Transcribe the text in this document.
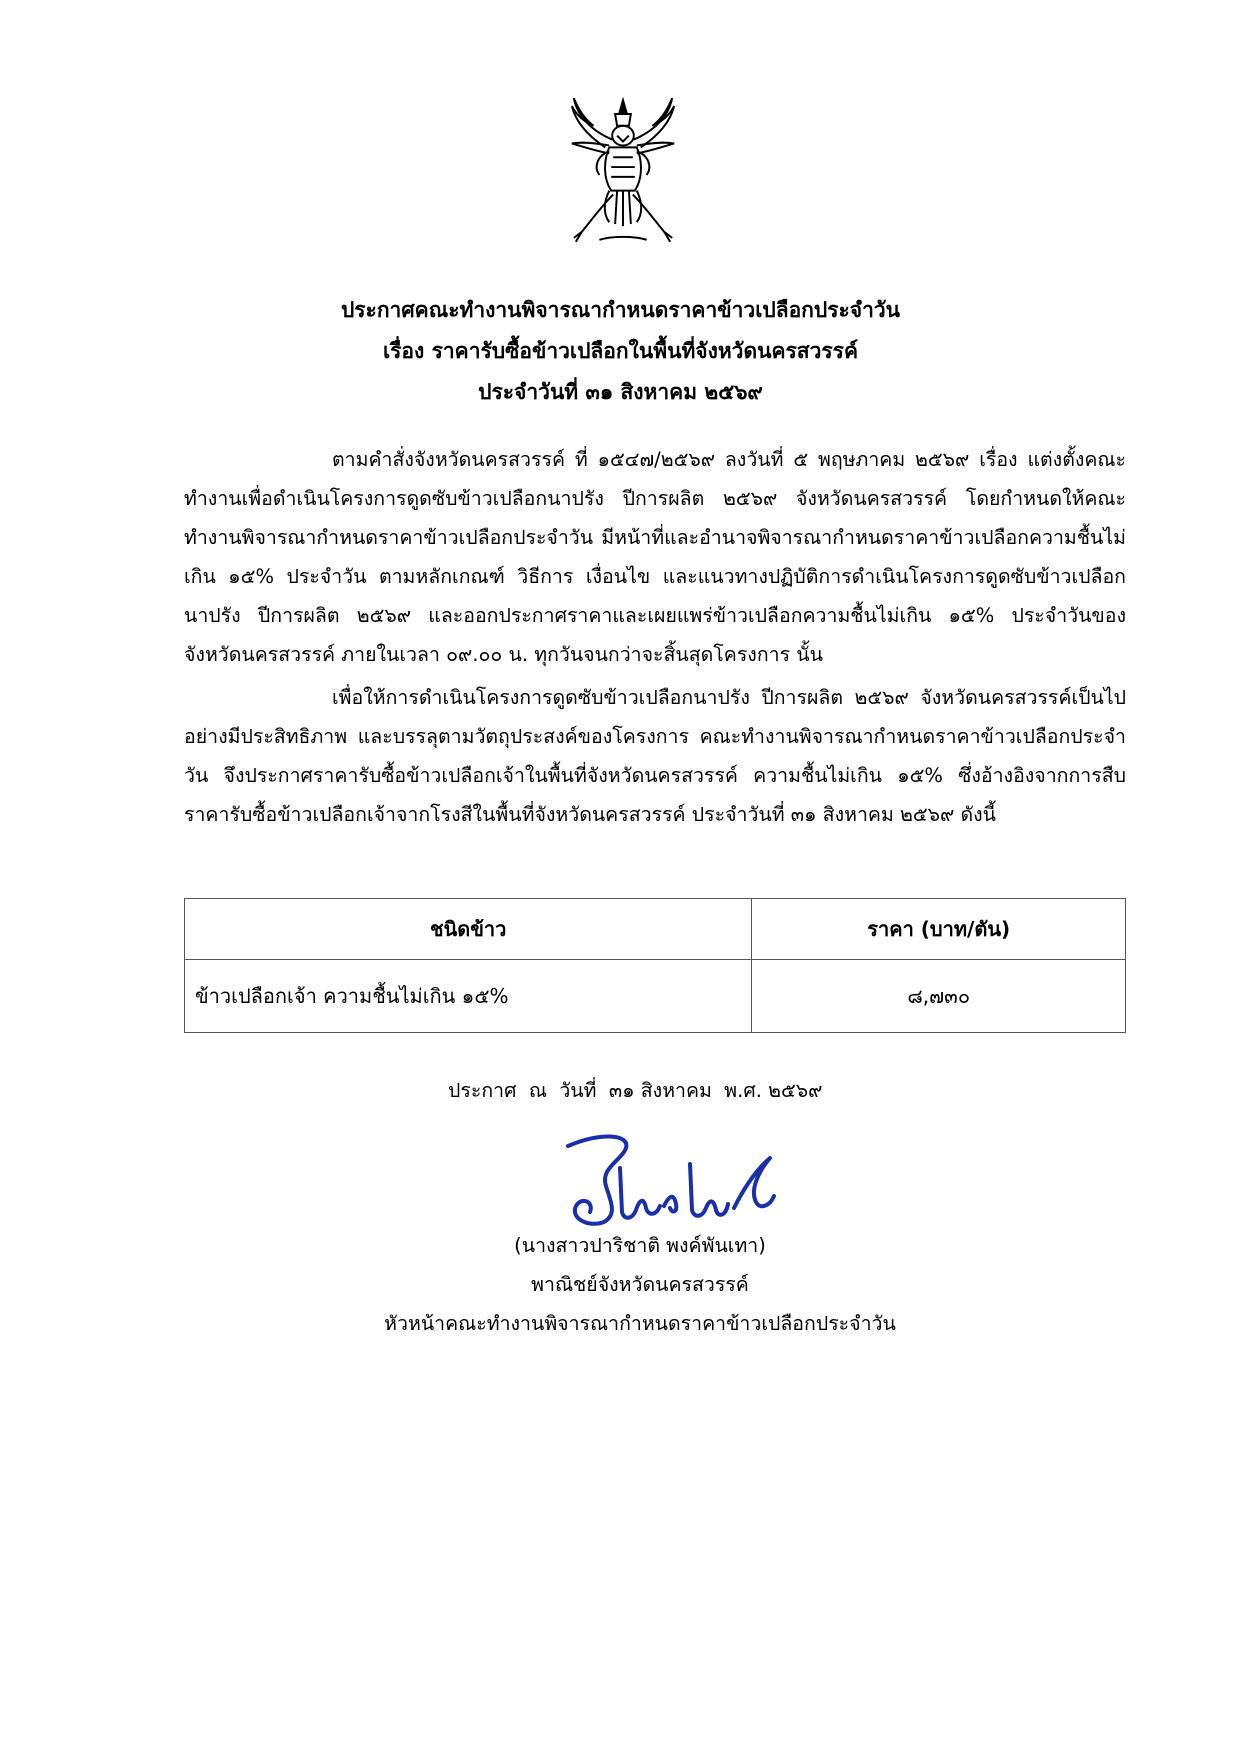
ประกาศคณะทำงานพิจารณากำหนดราคาข้าวเปลือกประจำวัน
เรื่อง ราคารับซื้อข้าวเปลือกในพื้นที่จังหวัดนครสวรรค์
ประจำวันที่ ๓๑ สิงหาคม ๒๕๖๙

ตามคำสั่งจังหวัดนครสวรรค์ ที่ ๑๕๔๗/๒๕๖๙ ลงวันที่ ๕ พฤษภาคม ๒๕๖๙ เรื่อง แต่งตั้งคณะทำงานเพื่อดำเนินโครงการดูดซับข้าวเปลือกนาปรัง ปีการผลิต ๒๕๖๙ จังหวัดนครสวรรค์ โดยกำหนดให้คณะทำงานพิจารณากำหนดราคาข้าวเปลือกประจำวัน มีหน้าที่และอำนาจพิจารณากำหนดราคาข้าวเปลือกความชื้นไม่เกิน ๑๕% ประจำวัน ตามหลักเกณฑ์ วิธีการ เงื่อนไข และแนวทางปฏิบัติการดำเนินโครงการดูดซับข้าวเปลือกนาปรัง ปีการผลิต ๒๕๖๙ และออกประกาศราคาและเผยแพร่ข้าวเปลือกความชื้นไม่เกิน ๑๕% ประจำวันของจังหวัดนครสวรรค์ ภายในเวลา ๐๙.๐๐ น. ทุกวันจนกว่าจะสิ้นสุดโครงการ นั้น

เพื่อให้การดำเนินโครงการดูดซับข้าวเปลือกนาปรัง ปีการผลิต ๒๕๖๙ จังหวัดนครสวรรค์เป็นไปอย่างมีประสิทธิภาพ และบรรลุตามวัตถุประสงค์ของโครงการ คณะทำงานพิจารณากำหนดราคาข้าวเปลือกประจำวัน จึงประกาศราคารับซื้อข้าวเปลือกเจ้าในพื้นที่จังหวัดนครสวรรค์ ความชื้นไม่เกิน ๑๕% ซึ่งอ้างอิงจากการสืบราคารับซื้อข้าวเปลือกเจ้าจากโรงสีในพื้นที่จังหวัดนครสวรรค์ ประจำวันที่ ๓๑ สิงหาคม ๒๕๖๙ ดังนี้

ชนิดข้าว	ราคา (บาท/ตัน)
ข้าวเปลือกเจ้า ความชื้นไม่เกิน ๑๕%	๘,๗๓๐
ประกาศ  ณ  วันที่  ๓๑ สิงหาคม  พ.ศ. ๒๕๖๙
(นางสาวปาริชาติ พงค์พันเทา)
พาณิชย์จังหวัดนครสวรรค์
หัวหน้าคณะทำงานพิจารณากำหนดราคาข้าวเปลือกประจำวัน
